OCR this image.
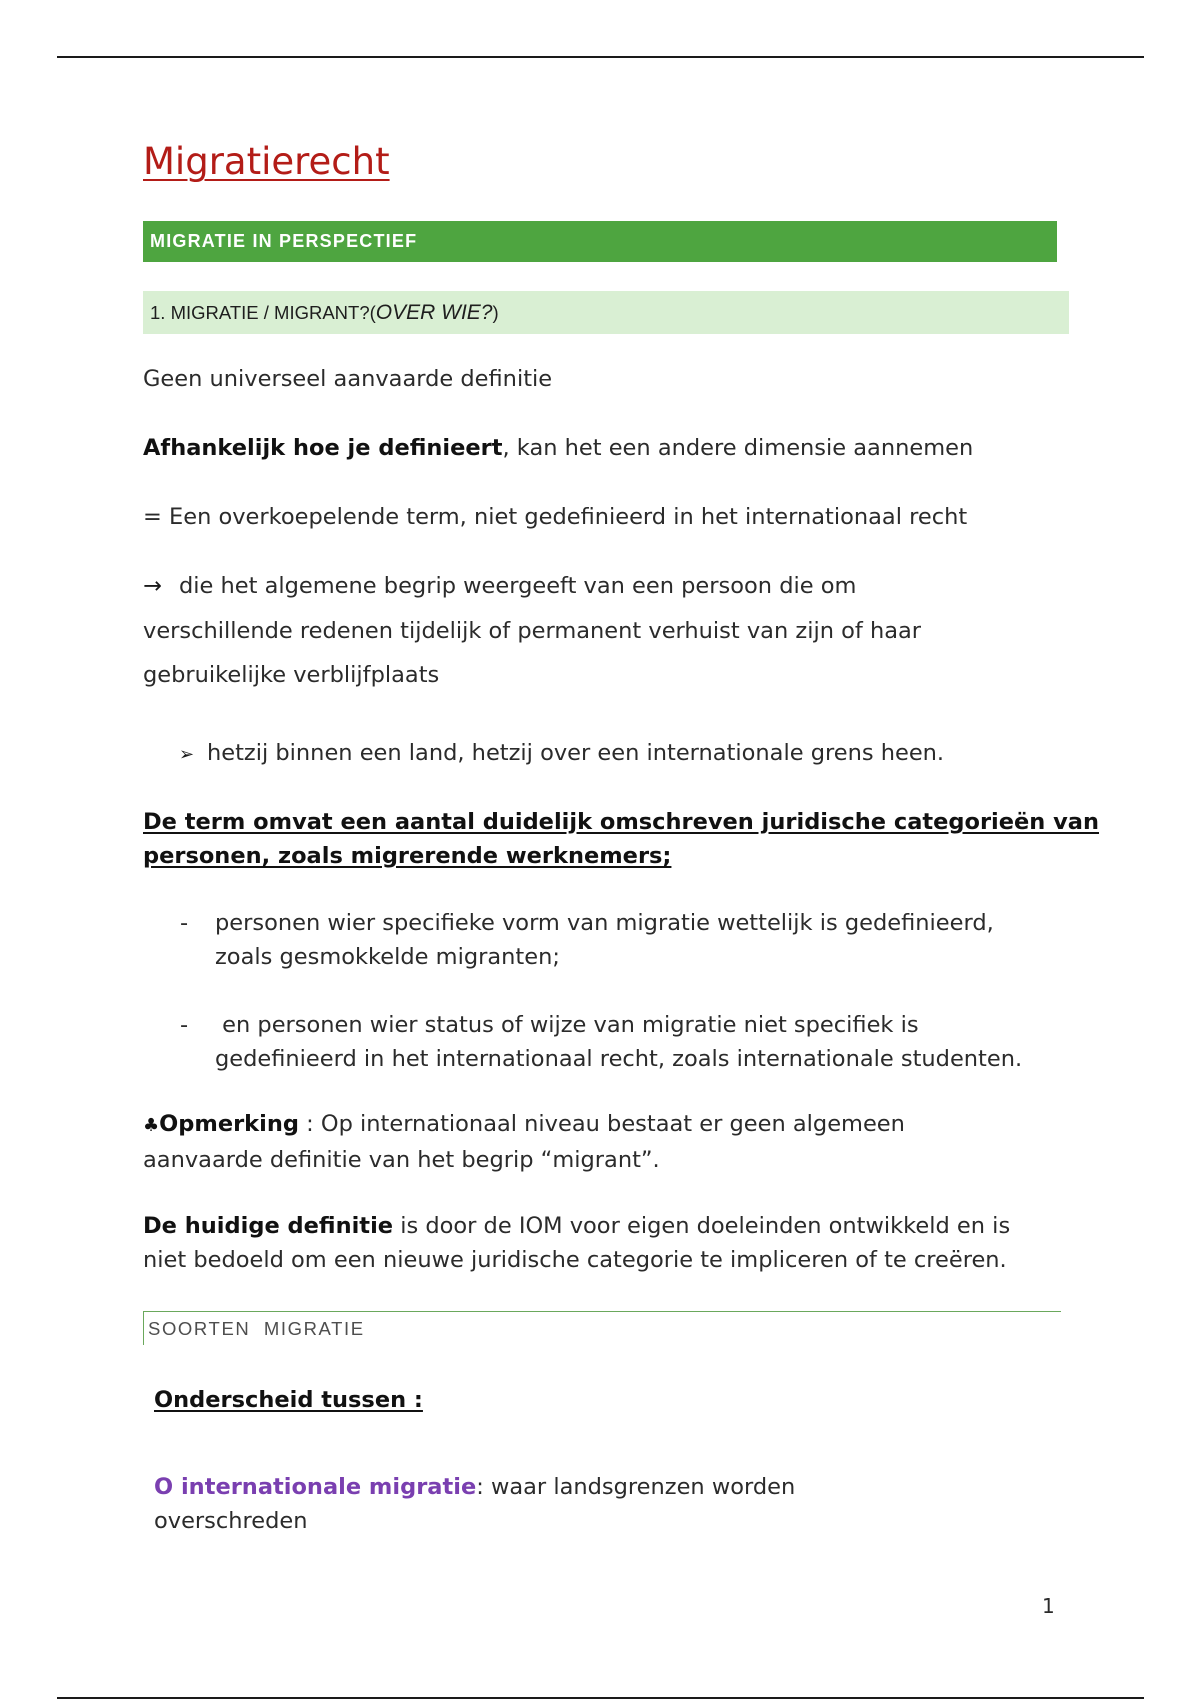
Migratierecht
MIGRATIE IN PERSPECTIEF
1. MIGRATIE / MIGRANT?(OVER WIE?)

Geen universeel aanvaarde definitie

Afhankelijk hoe je definieert, kan het een andere dimensie aannemen

= Een overkoepelende term, niet gedefinieerd in het internationaal recht

→ die het algemene begrip weergeeft van een persoon die om
verschillende redenen tijdelijk of permanent verhuist van zijn of haar
gebruikelijke verblijfplaats
➢ hetzij binnen een land, hetzij over een internationale grens heen.
De term omvat een aantal duidelijk omschreven juridische categorieën van
personen, zoals migrerende werknemers;
- personen wier specifieke vorm van migratie wettelijk is gedefinieerd,
zoals gesmokkelde migranten;
- en personen wier status of wijze van migratie niet specifiek is
gedefinieerd in het internationaal recht, zoals internationale studenten.
♣Opmerking : Op internationaal niveau bestaat er geen algemeen
aanvaarde definitie van het begrip “migrant”.
De huidige definitie is door de IOM voor eigen doeleinden ontwikkeld en is
niet bedoeld om een nieuwe juridische categorie te impliceren of te creëren.
SOORTEN  MIGRATIE
Onderscheid tussen :
O internationale migratie: waar landsgrenzen worden
overschreden
1
